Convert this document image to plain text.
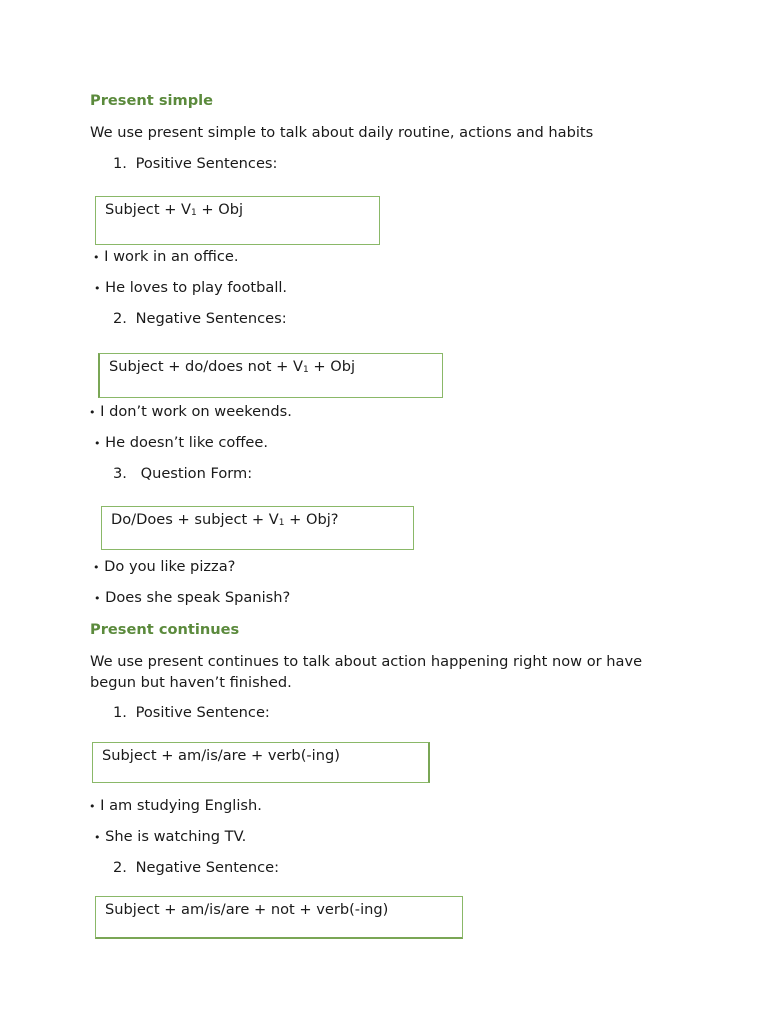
Present simple
We use present simple to talk about daily routine, actions and habits
1. Positive Sentences:
Subject + $V_1$ + Obj
• I work in an office.
• He loves to play football.
2. Negative Sentences:
Subject + do/does not + $V_1$ + Obj
• I don’t work on weekends.
• He doesn’t like coffee.
3. Question Form:
Do/Does + subject + $V_1$ + Obj?
• Do you like pizza?
• Does she speak Spanish?
Present continues
We use present continues to talk about action happening right now or have begun but haven’t finished.
1. Positive Sentence:
Subject + am/is/are + verb(-ing)
• I am studying English.
• She is watching TV.
2. Negative Sentence:
Subject + am/is/are + not + verb(-ing)
